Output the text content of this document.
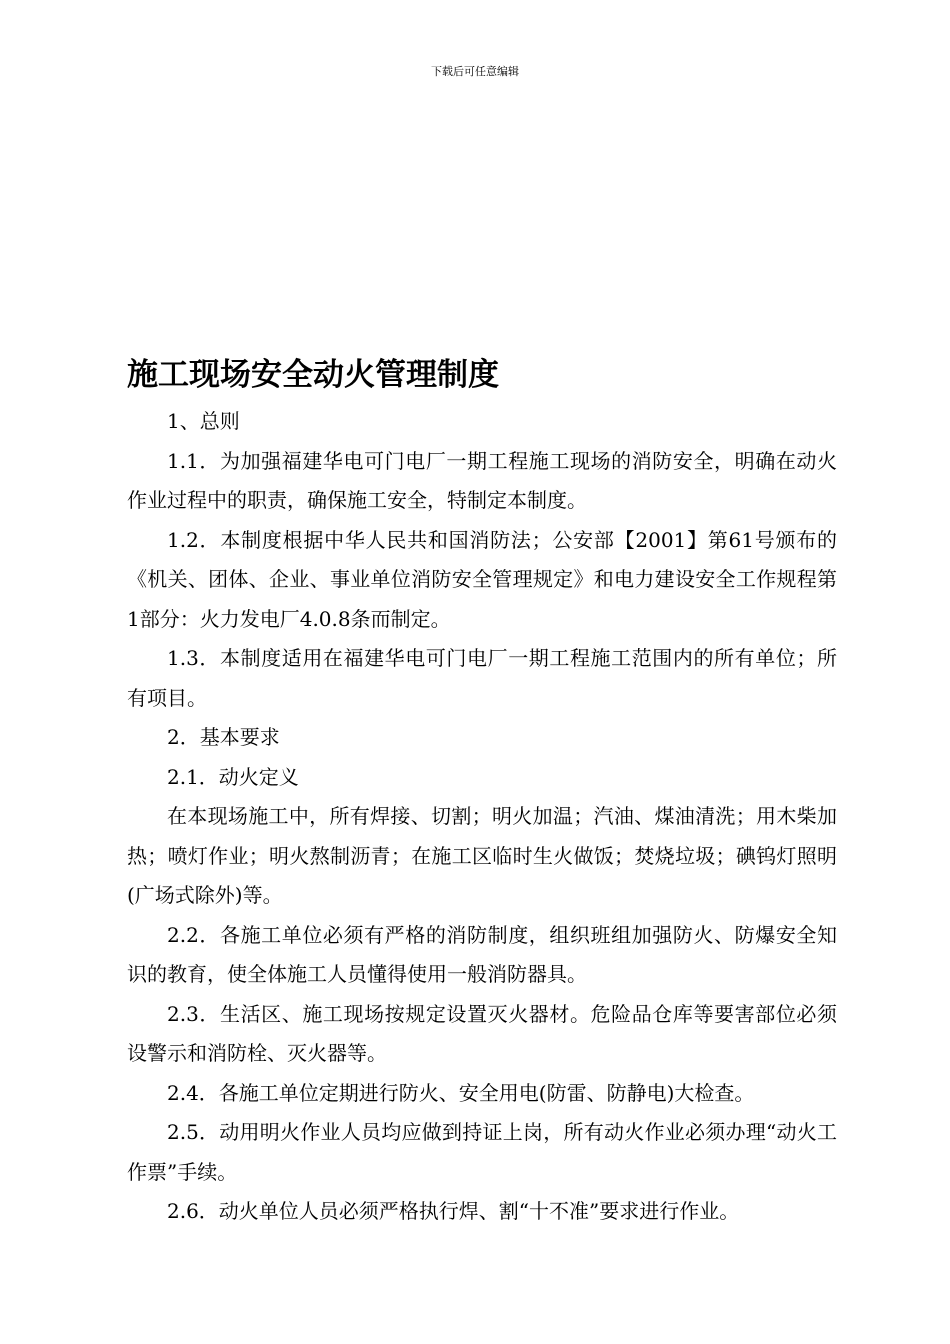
下载后可任意编辑
施工现场安全动火管理制度

1、总则

1.1．为加强福建华电可门电厂一期工程施工现场的消防安全，明确在动火作业过程中的职责，确保施工安全，特制定本制度。

1.2．本制度根据中华人民共和国消防法；公安部【2001】第61号颁布的《机关、团体、企业、事业单位消防安全管理规定》和电力建设安全工作规程第1部分：火力发电厂4.0.8条而制定。

1.3．本制度适用在福建华电可门电厂一期工程施工范围内的所有单位；所有项目。

2．基本要求

2.1．动火定义

在本现场施工中，所有焊接、切割；明火加温；汽油、煤油清洗；用木柴加热；喷灯作业；明火熬制沥青；在施工区临时生火做饭；焚烧垃圾；碘钨灯照明(广场式除外)等。

2.2．各施工单位必须有严格的消防制度，组织班组加强防火、防爆安全知识的教育，使全体施工人员懂得使用一般消防器具。

2.3．生活区、施工现场按规定设置灭火器材。危险品仓库等要害部位必须设警示和消防栓、灭火器等。

2.4．各施工单位定期进行防火、安全用电(防雷、防静电)大检查。

2.5．动用明火作业人员均应做到持证上岗，所有动火作业必须办理“动火工作票”手续。

2.6．动火单位人员必须严格执行焊、割“十不准”要求进行作业。
